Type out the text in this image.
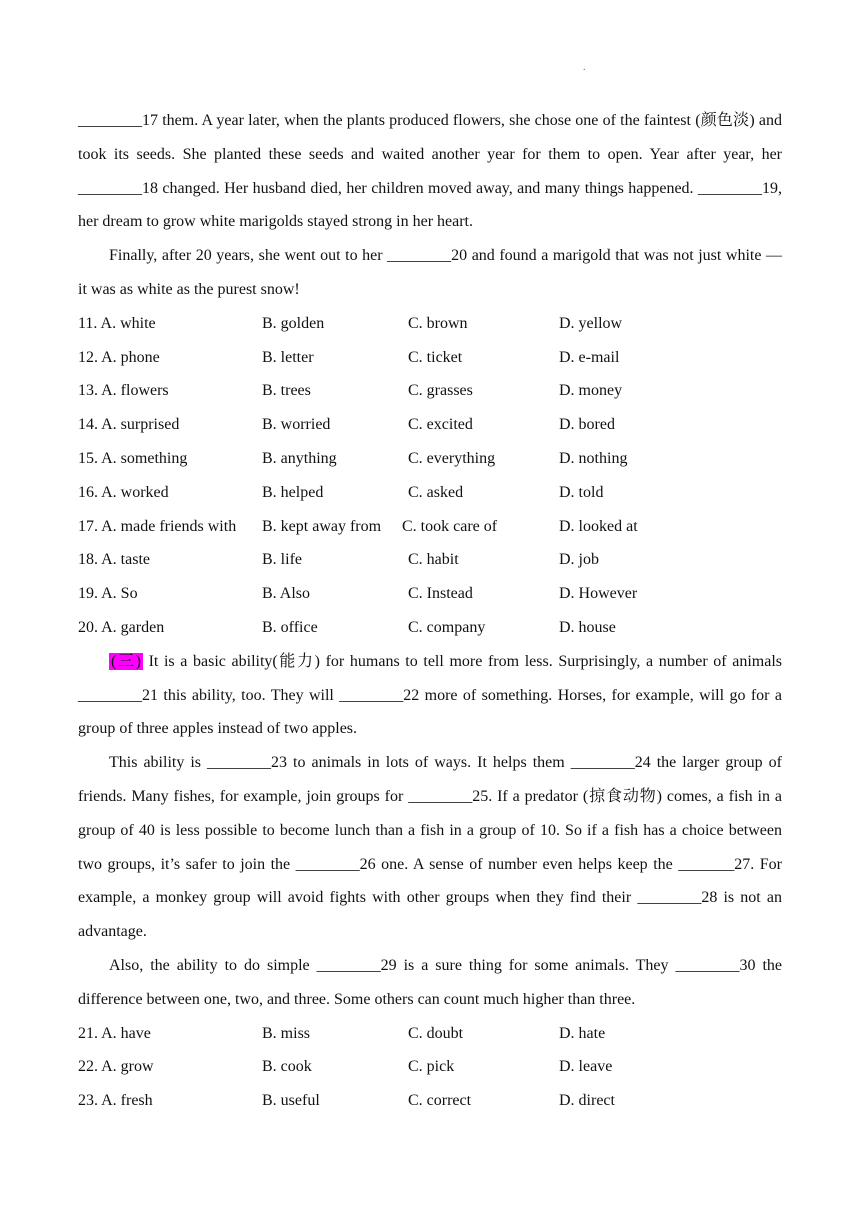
.

________17 them. A year later, when the plants produced flowers, she chose one of the faintest (颜色淡) and took its seeds. She planted these seeds and waited another year for them to open. Year after year, her ________18 changed. Her husband died, her children moved away, and many things happened. ________19, her dream to grow white marigolds stayed strong in her heart.

Finally, after 20 years, she went out to her ________20 and found a marigold that was not just white — it was as white as the purest snow!

11. A. white	B. golden	C. brown	D. yellow
12. A. phone	B. letter	C. ticket	D. e-mail
13. A. flowers	B. trees	C. grasses	D. money
14. A. surprised	B. worried	C. excited	D. bored
15. A. something	B. anything	C. everything	D. nothing
16. A. worked	B. helped	C. asked	D. told
17. A. made friends with	B. kept away from	C. took care of	D. looked at
18. A. taste	B. life	C. habit	D. job
19. A. So	B. Also	C. Instead	D. However
20. A. garden	B. office	C. company	D. house

(三) It is a basic ability(能力) for humans to tell more from less. Surprisingly, a number of animals ________21 this ability, too. They will ________22 more of something. Horses, for example, will go for a group of three apples instead of two apples.

This ability is ________23 to animals in lots of ways. It helps them ________24 the larger group of friends. Many fishes, for example, join groups for ________25. If a predator (掠食动物) comes, a fish in a group of 40 is less possible to become lunch than a fish in a group of 10. So if a fish has a choice between two groups, it’s safer to join the ________26 one. A sense of number even helps keep the _______27. For example, a monkey group will avoid fights with other groups when they find their ________28 is not an advantage.

Also, the ability to do simple ________29 is a sure thing for some animals. They ________30 the difference between one, two, and three. Some others can count much higher than three.

21. A. have	B. miss	C. doubt	D. hate
22. A. grow	B. cook	C. pick	D. leave
23. A. fresh	B. useful	C. correct	D. direct
